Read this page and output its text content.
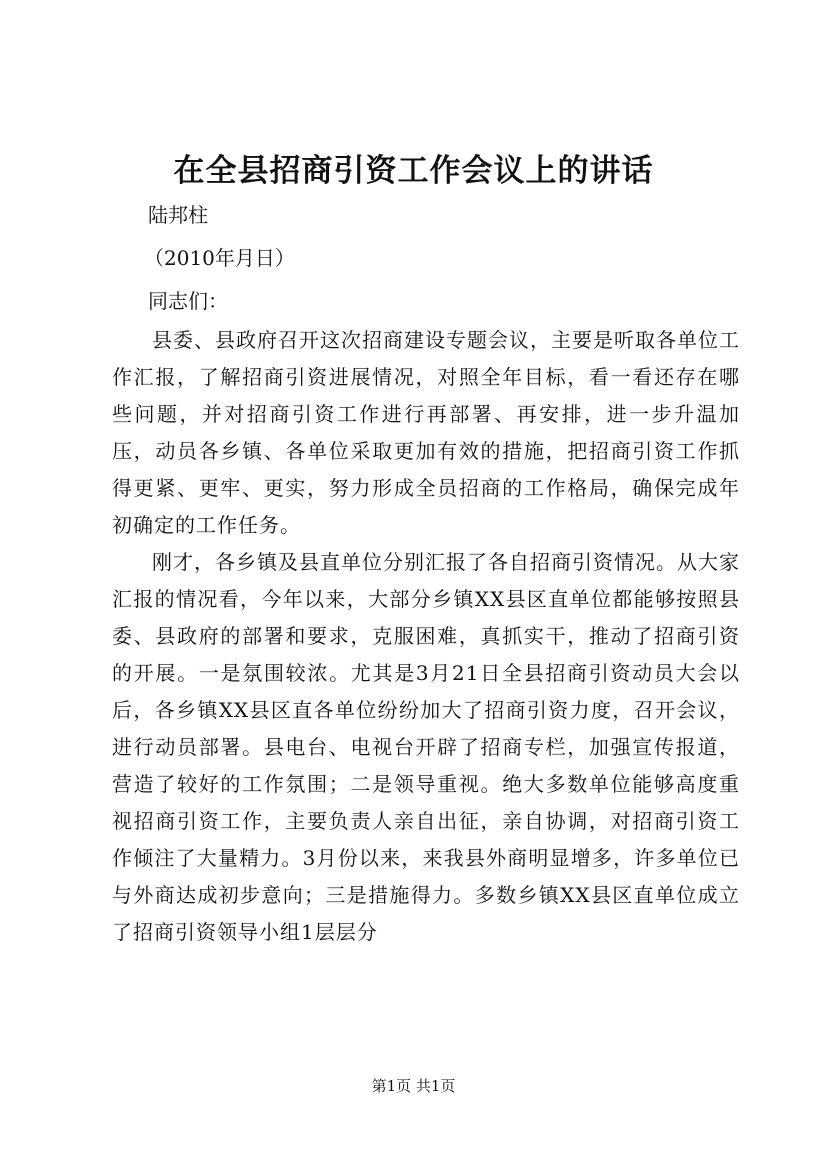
在全县招商引资工作会议上的讲话
陆邦柱
（2010年月日）
同志们：

县委、县政府召开这次招商建设专题会议，主要是听取各单位工作汇报，了解招商引资进展情况，对照全年目标，看一看还存在哪些问题，并对招商引资工作进行再部署、再安排，进一步升温加压，动员各乡镇、各单位采取更加有效的措施，把招商引资工作抓得更紧、更牢、更实，努力形成全员招商的工作格局，确保完成年初确定的工作任务。

刚才，各乡镇及县直单位分别汇报了各自招商引资情况。从大家汇报的情况看，今年以来，大部分乡镇XX县区直单位都能够按照县委、县政府的部署和要求，克服困难，真抓实干，推动了招商引资的开展。一是氛围较浓。尤其是3月21日全县招商引资动员大会以后，各乡镇XX县区直各单位纷纷加大了招商引资力度，召开会议，进行动员部署。县电台、电视台开辟了招商专栏，加强宣传报道，营造了较好的工作氛围；二是领导重视。绝大多数单位能够高度重视招商引资工作，主要负责人亲自出征，亲自协调，对招商引资工作倾注了大量精力。3月份以来，来我县外商明显增多，许多单位已与外商达成初步意向；三是措施得力。多数乡镇XX县区直单位成立了招商引资领导小组1层层分

第1页 共1页
